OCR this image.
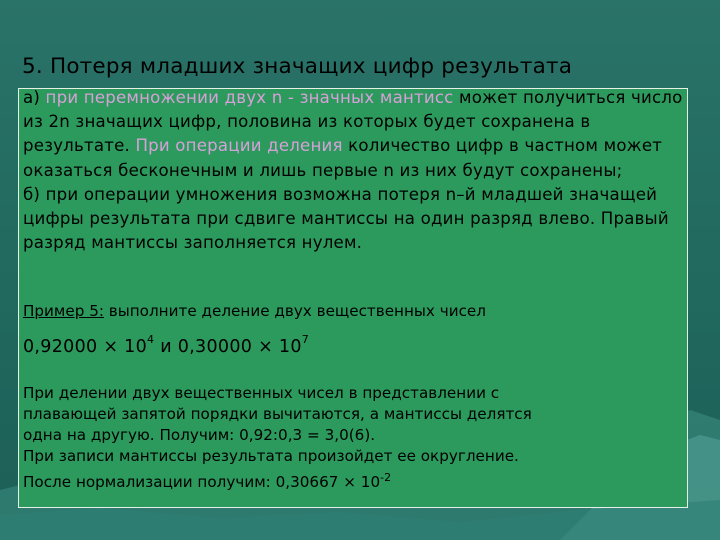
5. Потеря младших значащих цифр результата
а) при перемножении двух n - значных мантисс может получиться число из 2n значащих цифр, половина из которых будет сохранена в результате. При операции деления количество цифр в частном может оказаться бесконечным и лишь первые n из них будут сохранены;
б) при операции умножения возможна потеря n–й младшей значащей цифры результата при сдвиге мантиссы на один разряд влево. Правый разряд мантиссы заполняется нулем.
Пример 5: выполните деление двух вещественных чисел
$0,92000 \times 10^4$ и $0,30000 \times 10^7$
При делении двух вещественных чисел в представлении с
плавающей запятой порядки вычитаются, а мантиссы делятся
одна на другую. Получим: 0,92:0,3 = 3,0(6).
При записи мантиссы результата произойдет ее округление.
После нормализации получим: $0,30667 \times 10^{-2}$
